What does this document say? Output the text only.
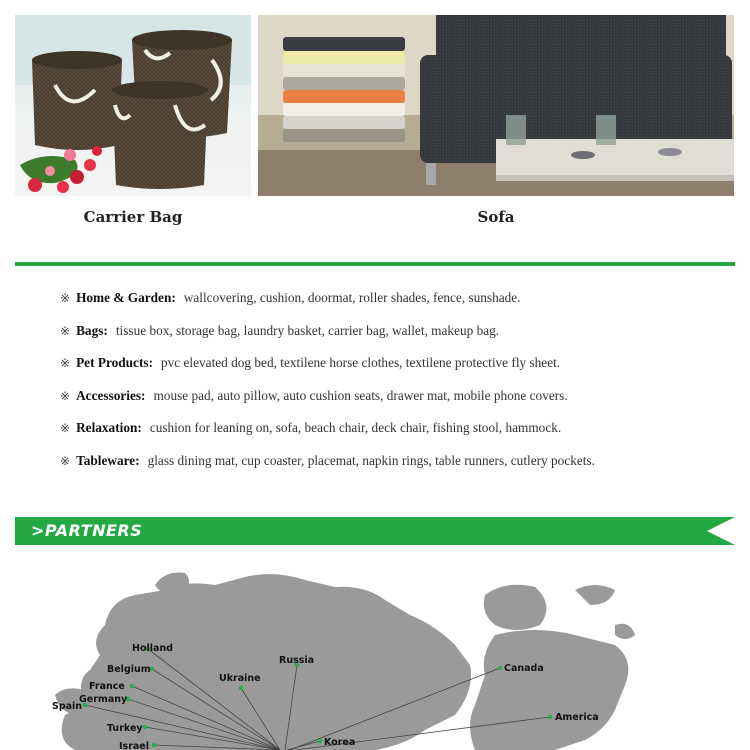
Carrier Bag	Sofa
※ Home & Garden: wallcovering, cushion, doormat, roller shades, fence, sunshade.
※ Bags: tissue box, storage bag, laundry basket, carrier bag, wallet, makeup bag.
※ Pet Products: pvc elevated dog bed, textilene horse clothes, textilene protective fly sheet.
※ Accessories: mouse pad, auto pillow, auto cushion seats, drawer mat, mobile phone covers.
※ Relaxation: cushion for leaning on, sofa, beach chair, deck chair, fishing stool, hammock.
※ Tableware: glass dining mat, cup coaster, placemat, napkin rings, table runners, cutlery pockets.
>PARTNERS
Holland
Belgium
France
Germany
Spain
Turkey
Israel
Ukraine
Russia
Korea
Canada
America
